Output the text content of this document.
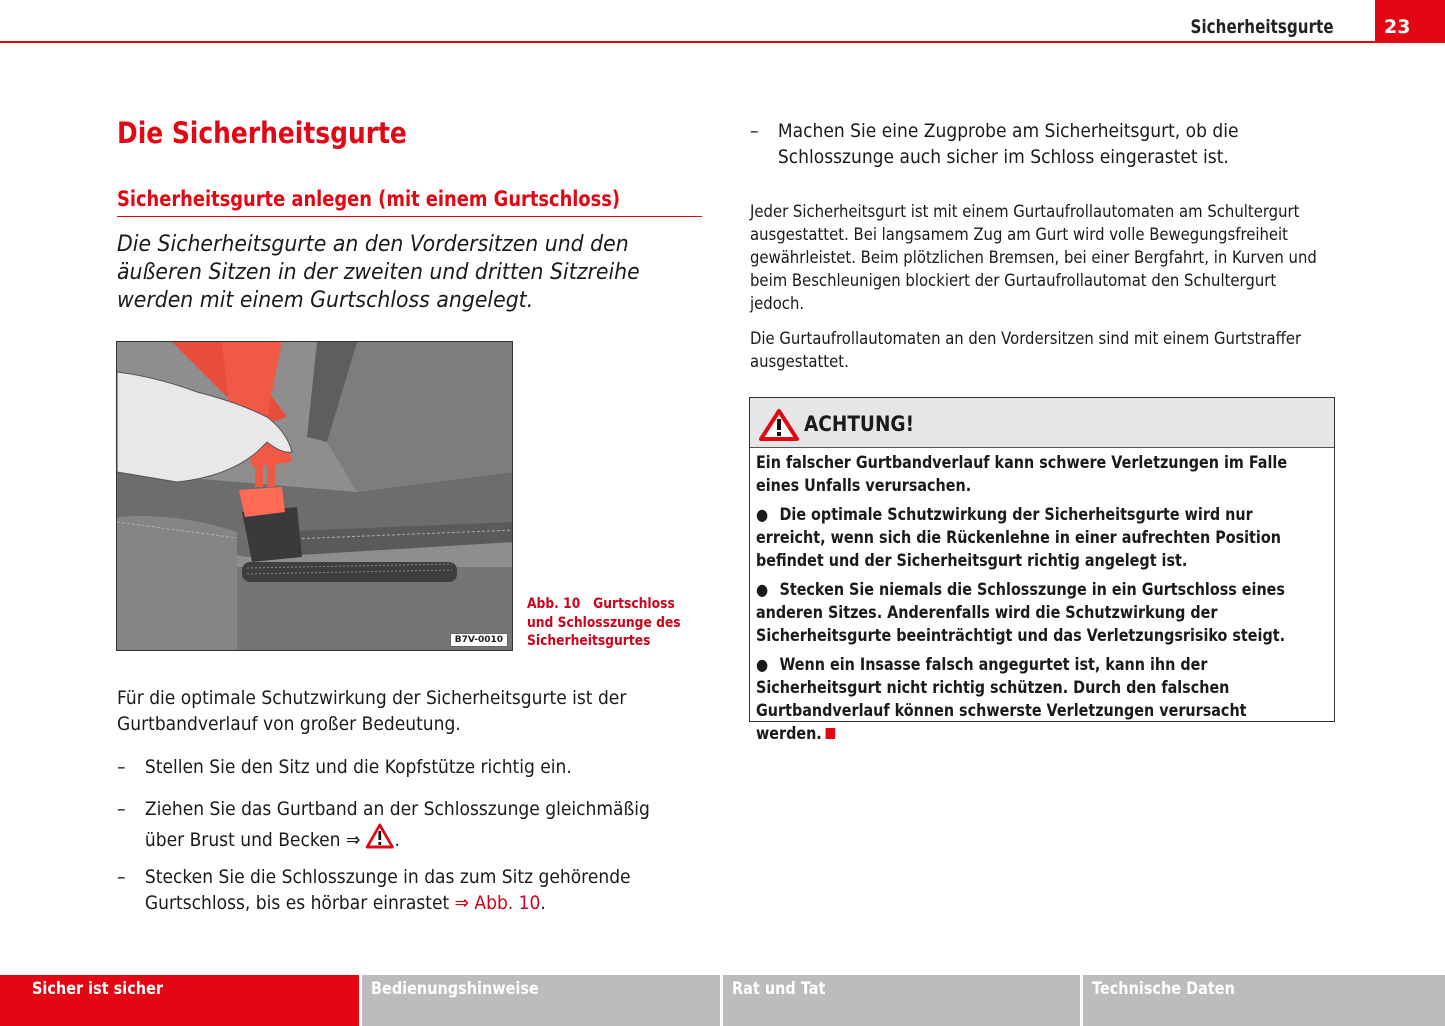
Sicherheitsgurte	23
Die Sicherheitsgurte
Sicherheitsgurte anlegen (mit einem Gurtschloss)

Die Sicherheitsgurte an den Vordersitzen und den äußeren Sitzen in der zweiten und dritten Sitzreihe werden mit einem Gurtschloss angelegt.

B7V-0010
Abb. 10 Gurtschloss und Schlosszunge des Sicherheitsgurtes

Für die optimale Schutzwirkung der Sicherheitsgurte ist der Gurtbandverlauf von großer Bedeutung.

– Stellen Sie den Sitz und die Kopfstütze richtig ein.
– Ziehen Sie das Gurtband an der Schlosszunge gleichmäßig über Brust und Becken ⇒ .
– Stecken Sie die Schlosszunge in das zum Sitz gehörende Gurtschloss, bis es hörbar einrastet ⇒ Abb. 10.
– Machen Sie eine Zugprobe am Sicherheitsgurt, ob die Schlosszunge auch sicher im Schloss eingerastet ist.

Jeder Sicherheitsgurt ist mit einem Gurtaufrollautomaten am Schultergurt ausgestattet. Bei langsamem Zug am Gurt wird volle Bewegungsfreiheit gewährleistet. Beim plötzlichen Bremsen, bei einer Bergfahrt, in Kurven und beim Beschleunigen blockiert der Gurtaufrollautomat den Schultergurt jedoch.

Die Gurtaufrollautomaten an den Vordersitzen sind mit einem Gurtstraffer ausgestattet.

ACHTUNG!

Ein falscher Gurtbandverlauf kann schwere Verletzungen im Falle eines Unfalls verursachen.

● Die optimale Schutzwirkung der Sicherheitsgurte wird nur erreicht, wenn sich die Rückenlehne in einer aufrechten Position befindet und der Sicherheitsgurt richtig angelegt ist.

● Stecken Sie niemals die Schlosszunge in ein Gurtschloss eines anderen Sitzes. Anderenfalls wird die Schutzwirkung der Sicherheitsgurte beeinträchtigt und das Verletzungsrisiko steigt.

● Wenn ein Insasse falsch angegurtet ist, kann ihn der Sicherheitsgurt nicht richtig schützen. Durch den falschen Gurtbandverlauf können schwerste Verletzungen verursacht werden.

Sicher ist sicher	Bedienungshinweise	Rat und Tat	Technische Daten
